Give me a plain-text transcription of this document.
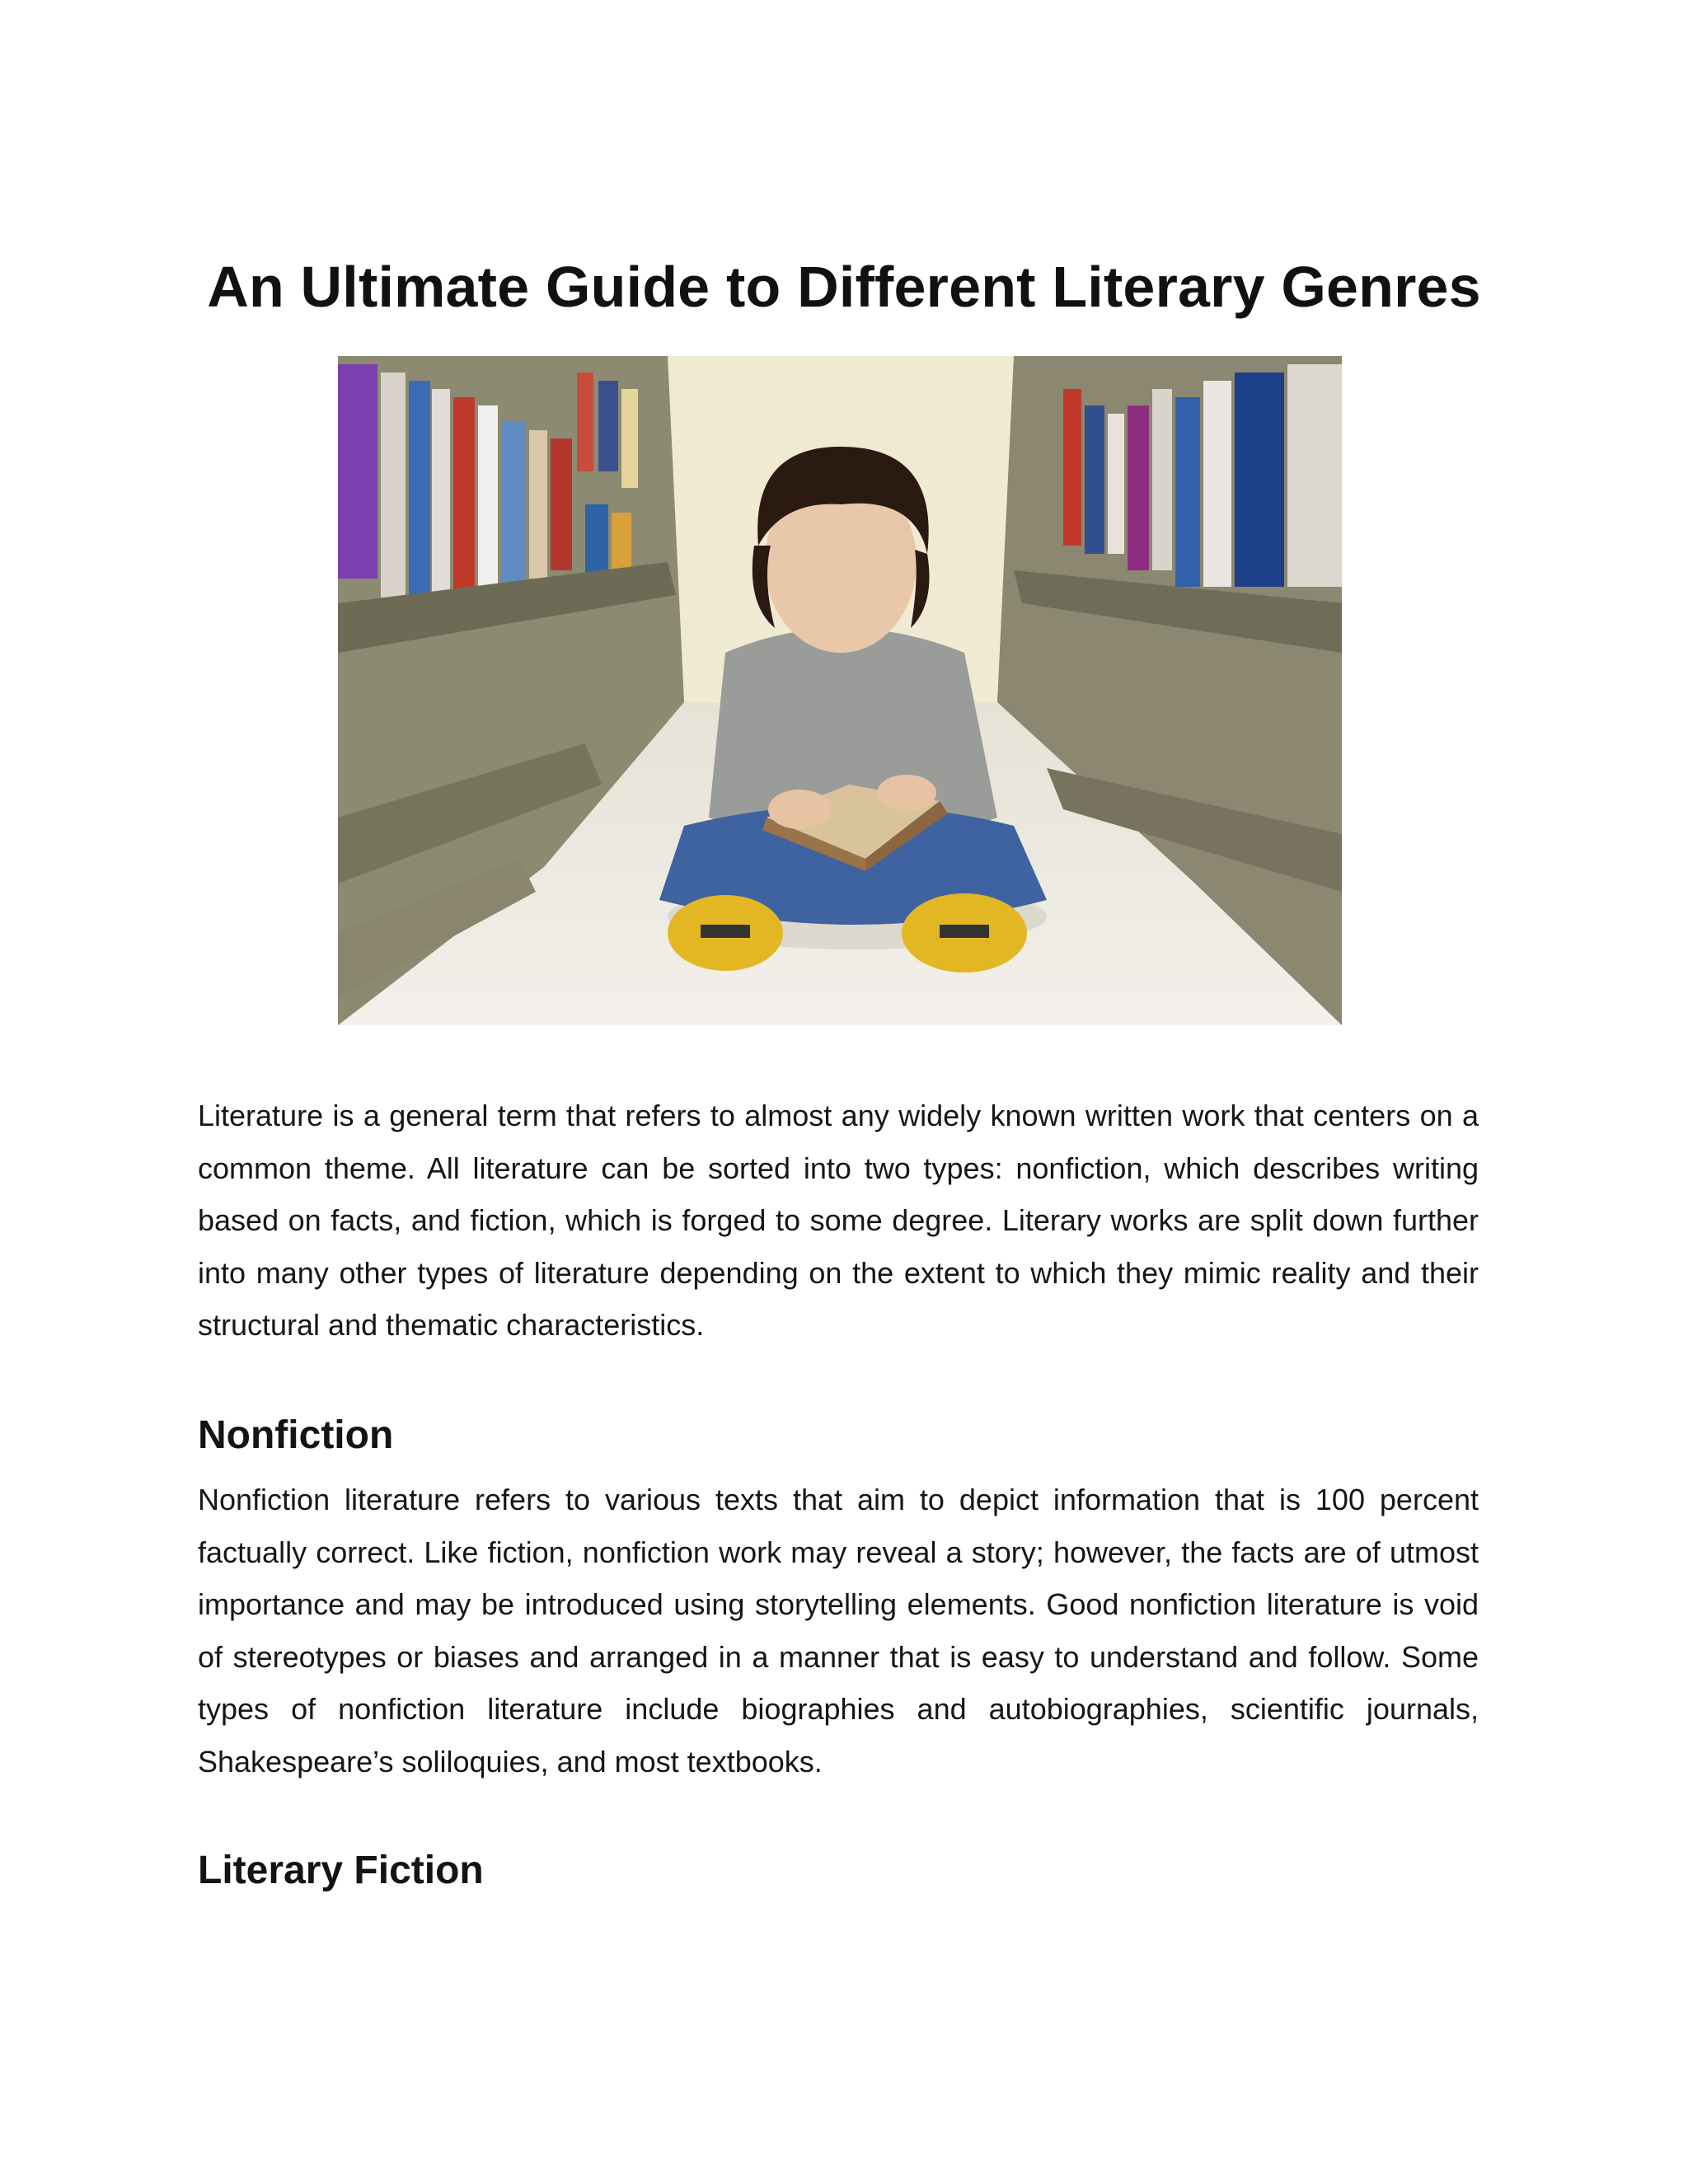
An Ultimate Guide to Different Literary Genres

Literature is a general term that refers to almost any widely known written work that centers on a common theme. All literature can be sorted into two types: nonfiction, which describes writing based on facts, and fiction, which is forged to some degree. Literary works are split down further into many other types of literature depending on the extent to which they mimic reality and their structural and thematic characteristics.

Nonfiction

Nonfiction literature refers to various texts that aim to depict information that is 100 percent factually correct. Like fiction, nonfiction work may reveal a story; however, the facts are of utmost importance and may be introduced using storytelling elements. Good nonfiction literature is void of stereotypes or biases and arranged in a manner that is easy to understand and follow. Some types of nonfiction literature include biographies and autobiographies, scientific journals, Shakespeare’s soliloquies, and most textbooks.

Literary Fiction
